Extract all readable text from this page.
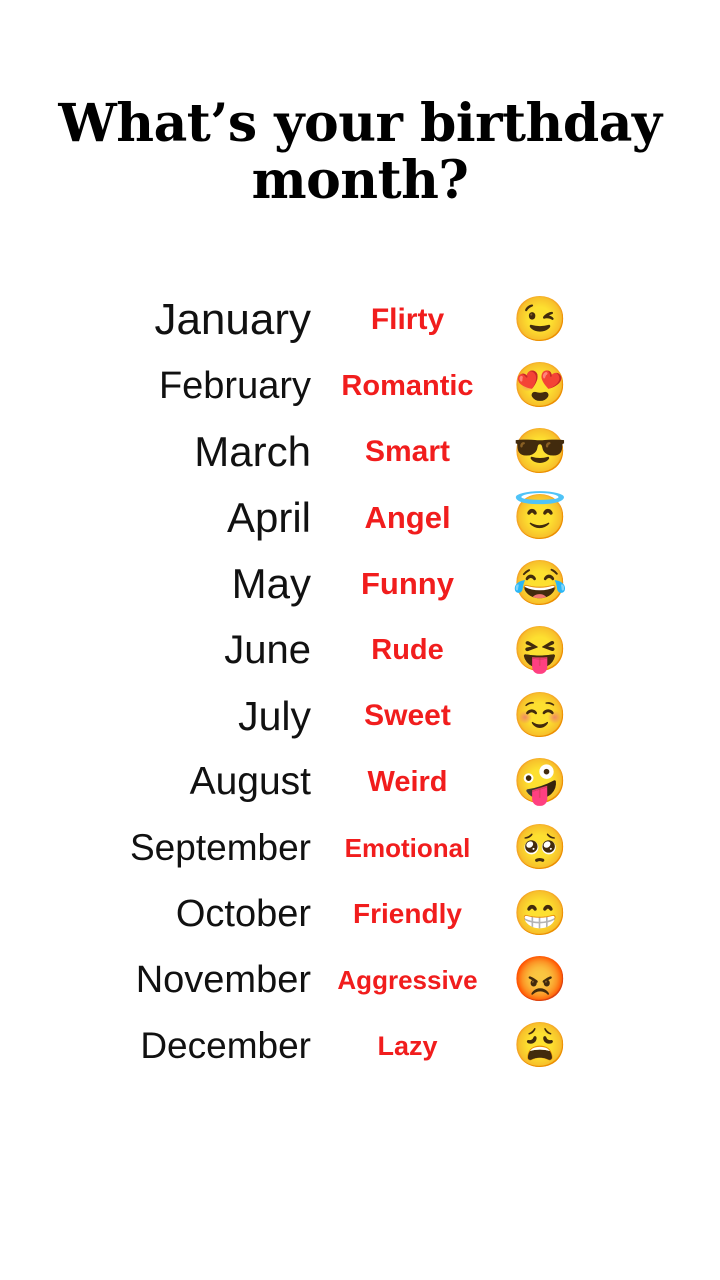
What’s your birthday month?
January	Flirty	😉
February	Romantic 😍
March	Smart	😎
April	Angel	😇
May	Funny	😂
June	Rude	😝
July	Sweet	☺️
August	Weird	🤪
September	Emotional 🥺
October	Friendly	😁
November	Aggressive 😡
December	Lazy	😩
